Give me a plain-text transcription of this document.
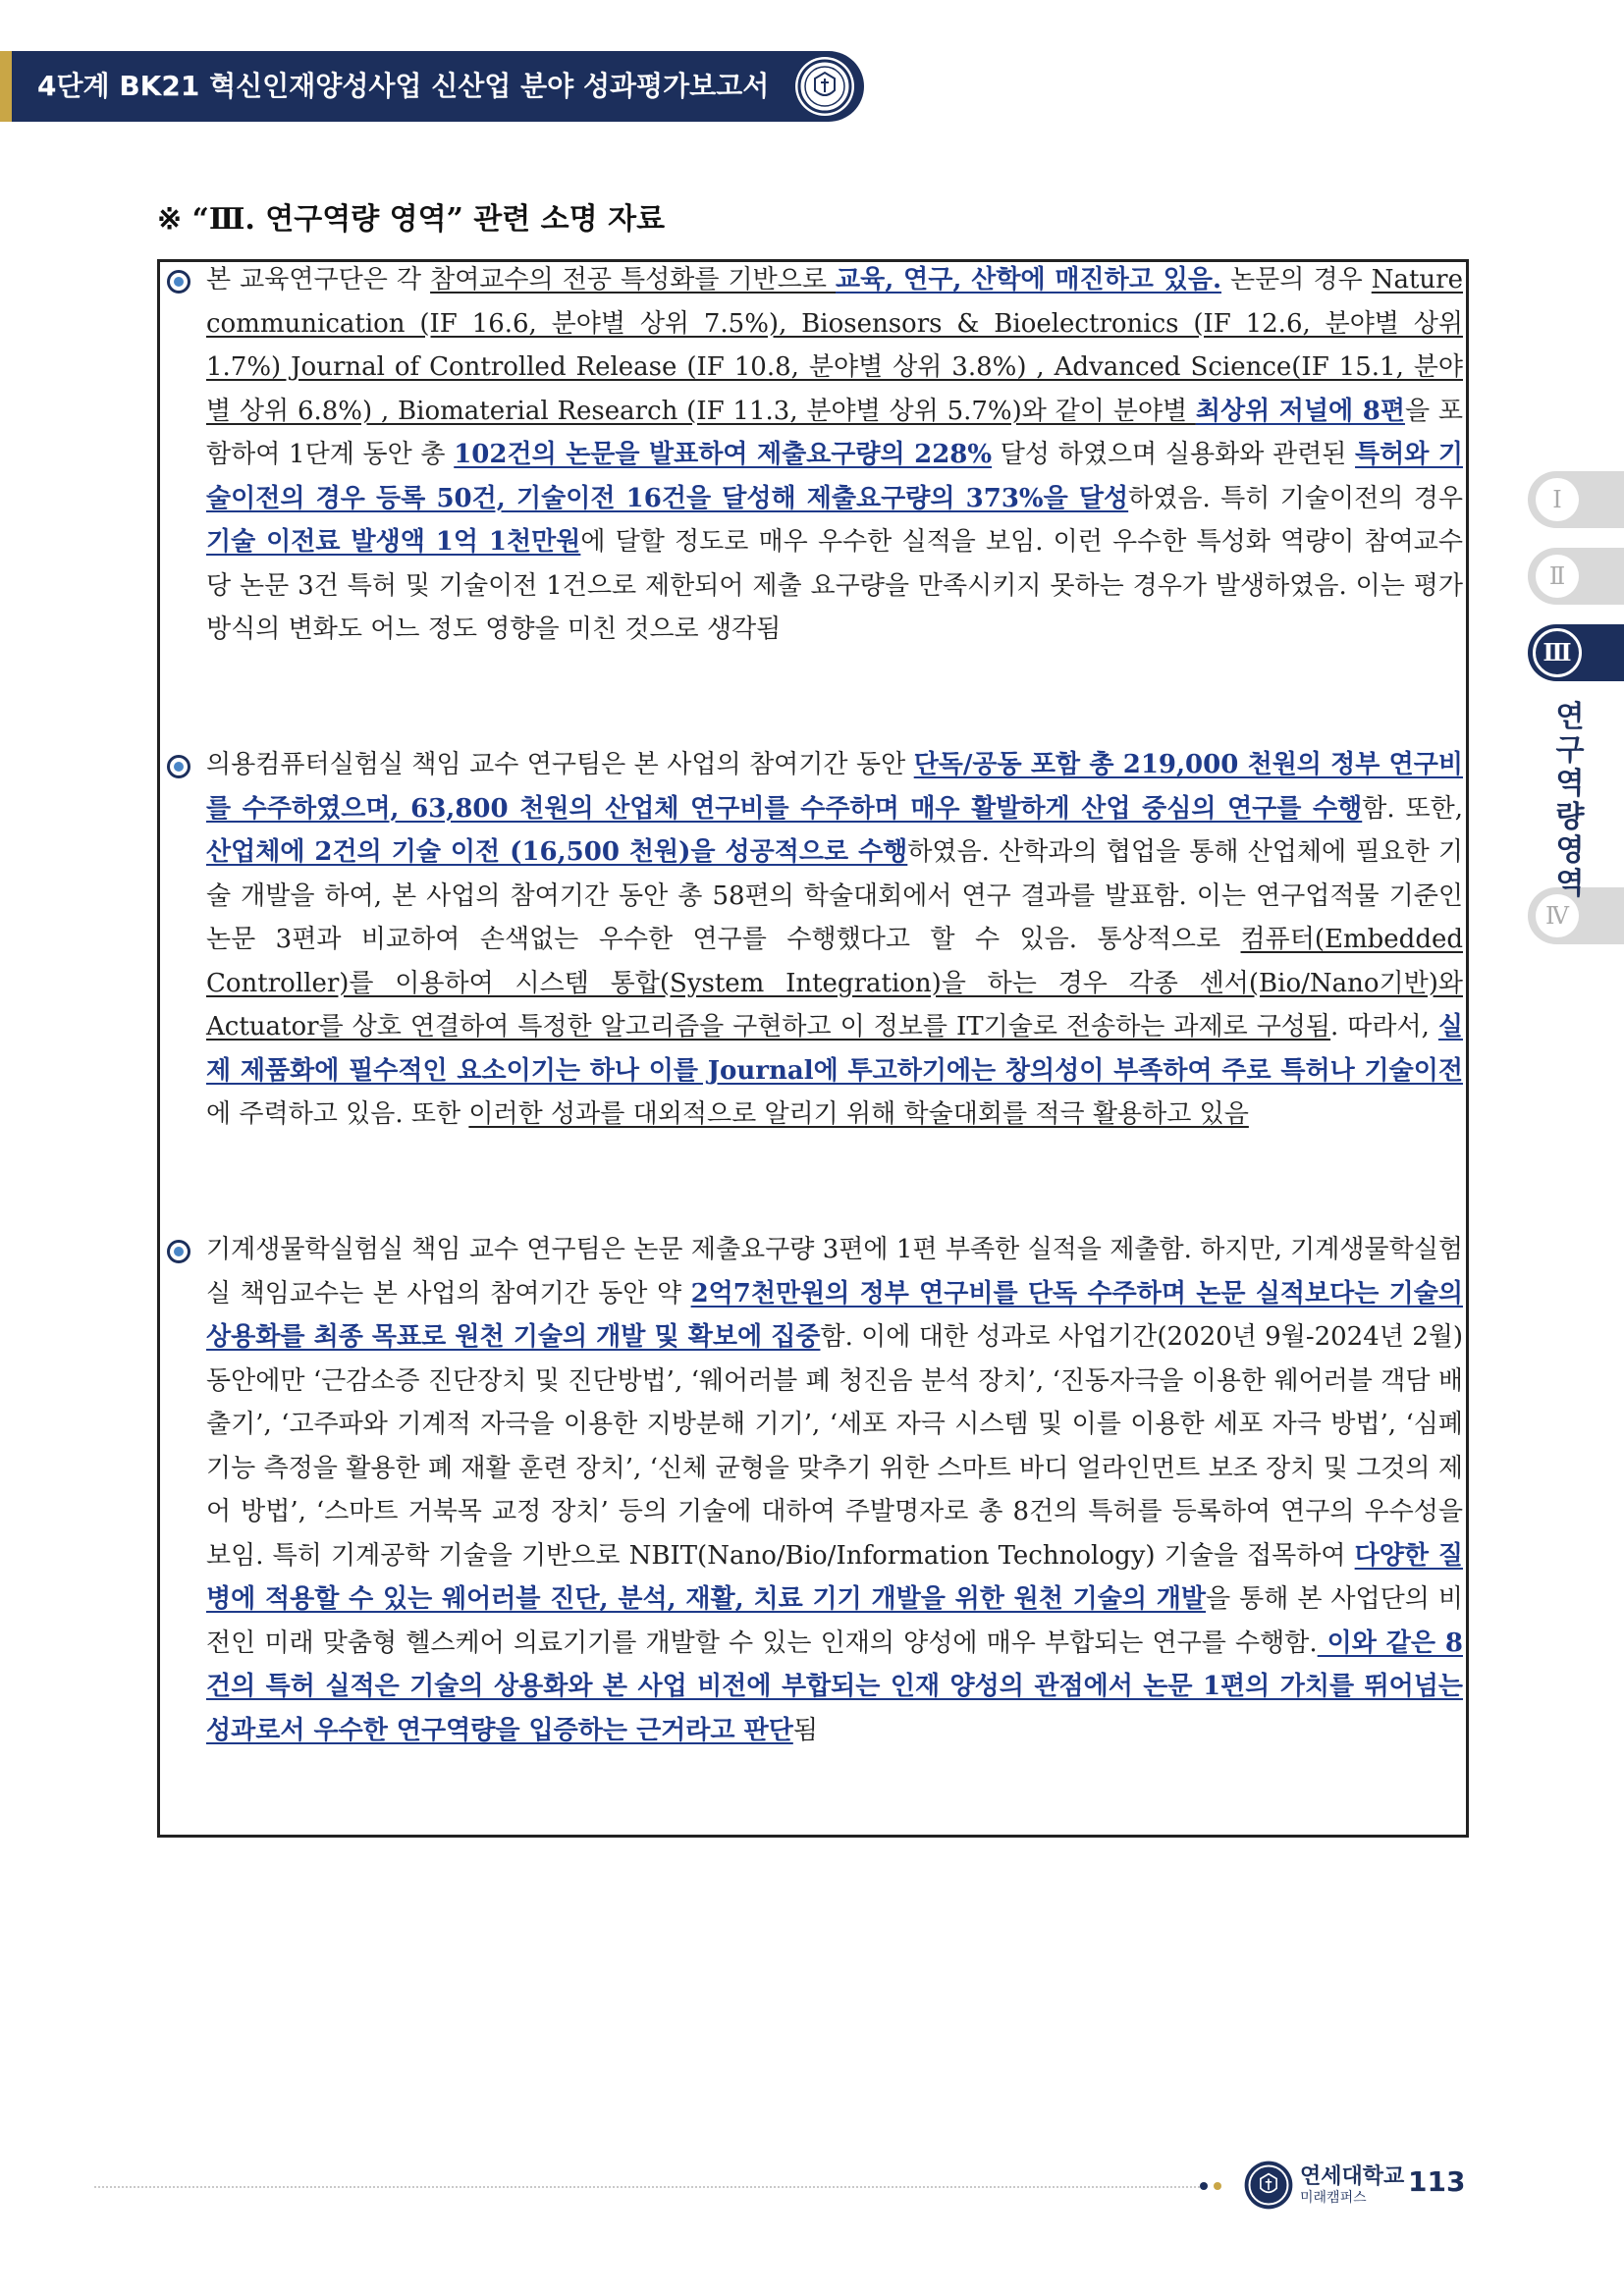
4단계 BK21 혁신인재양성사업 신산업 분야 성과평가보고서
※ “Ⅲ. 연구역량 영역” 관련 소명 자료
본 교육연구단은 각 참여교수의 전공 특성화를 기반으로 교육, 연구, 산학에 매진하고 있음. 논문의 경우 Nature communication (IF 16.6, 분야별 상위 7.5%), Biosensors & Bioelectronics (IF 12.6, 분야별 상위 1.7%) Journal of Controlled Release (IF 10.8, 분야별 상위 3.8%) , Advanced Science(IF 15.1, 분야별 상위 6.8%) , Biomaterial Research (IF 11.3, 분야별 상위 5.7%)와 같이 분야별 최상위 저널에 8편을 포함하여 1단계 동안 총 102건의 논문을 발표하여 제출요구량의 228% 달성 하였으며 실용화와 관련된 특허와 기술이전의 경우 등록 50건, 기술이전 16건을 달성해 제출요구량의 373%을 달성하였음. 특히 기술이전의 경우 기술 이전료 발생액 1억 1천만원에 달할 정도로 매우 우수한 실적을 보임. 이런 우수한 특성화 역량이 참여교수 당 논문 3건 특허 및 기술이전 1건으로 제한되어 제출 요구량을 만족시키지 못하는 경우가 발생하였음. 이는 평가 방식의 변화도 어느 정도 영향을 미친 것으로 생각됨
의용컴퓨터실험실 책임 교수 연구팀은 본 사업의 참여기간 동안 단독/공동 포함 총 219,000 천원의 정부 연구비를 수주하였으며, 63,800 천원의 산업체 연구비를 수주하며 매우 활발하게 산업 중심의 연구를 수행함. 또한, 산업체에 2건의 기술 이전 (16,500 천원)을 성공적으로 수행하였음. 산학과의 협업을 통해 산업체에 필요한 기술 개발을 하여, 본 사업의 참여기간 동안 총 58편의 학술대회에서 연구 결과를 발표함. 이는 연구업적물 기준인 논문 3편과 비교하여 손색없는 우수한 연구를 수행했다고 할 수 있음. 통상적으로 컴퓨터(Embedded Controller)를 이용하여 시스템 통합(System Integration)을 하는 경우 각종 센서(Bio/Nano기반)와 Actuator를 상호 연결하여 특정한 알고리즘을 구현하고 이 정보를 IT기술로 전송하는 과제로 구성됨. 따라서, 실제 제품화에 필수적인 요소이기는 하나 이를 Journal에 투고하기에는 창의성이 부족하여 주로 특허나 기술이전에 주력하고 있음. 또한 이러한 성과를 대외적으로 알리기 위해 학술대회를 적극 활용하고 있음
기계생물학실험실 책임 교수 연구팀은 논문 제출요구량 3편에 1편 부족한 실적을 제출함. 하지만, 기계생물학실험실 책임교수는 본 사업의 참여기간 동안 약 2억7천만원의 정부 연구비를 단독 수주하며 논문 실적보다는 기술의 상용화를 최종 목표로 원천 기술의 개발 및 확보에 집중함. 이에 대한 성과로 사업기간(2020년 9월-2024년 2월) 동안에만 ‘근감소증 진단장치 및 진단방법’, ‘웨어러블 폐 청진음 분석 장치’, ‘진동자극을 이용한 웨어러블 객담 배출기’, ‘고주파와 기계적 자극을 이용한 지방분해 기기’, ‘세포 자극 시스템 및 이를 이용한 세포 자극 방법’, ‘심폐 기능 측정을 활용한 폐 재활 훈련 장치’, ‘신체 균형을 맞추기 위한 스마트 바디 얼라인먼트 보조 장치 및 그것의 제어 방법’, ‘스마트 거북목 교정 장치’ 등의 기술에 대하여 주발명자로 총 8건의 특허를 등록하여 연구의 우수성을 보임. 특히 기계공학 기술을 기반으로 NBIT(Nano/Bio/Information Technology) 기술을 접목하여 다양한 질병에 적용할 수 있는 웨어러블 진단, 분석, 재활, 치료 기기 개발을 위한 원천 기술의 개발을 통해 본 사업단의 비전인 미래 맞춤형 헬스케어 의료기기를 개발할 수 있는 인재의 양성에 매우 부합되는 연구를 수행함. 이와 같은 8건의 특허 실적은 기술의 상용화와 본 사업 비전에 부합되는 인재 양성의 관점에서 논문 1편의 가치를 뛰어넘는 성과로서 우수한 연구역량을 입증하는 근거라고 판단됨
Ⅰ
Ⅱ
Ⅲ
Ⅳ
연
구
역
량
영
역
연세대학교
미래캠퍼스 113
